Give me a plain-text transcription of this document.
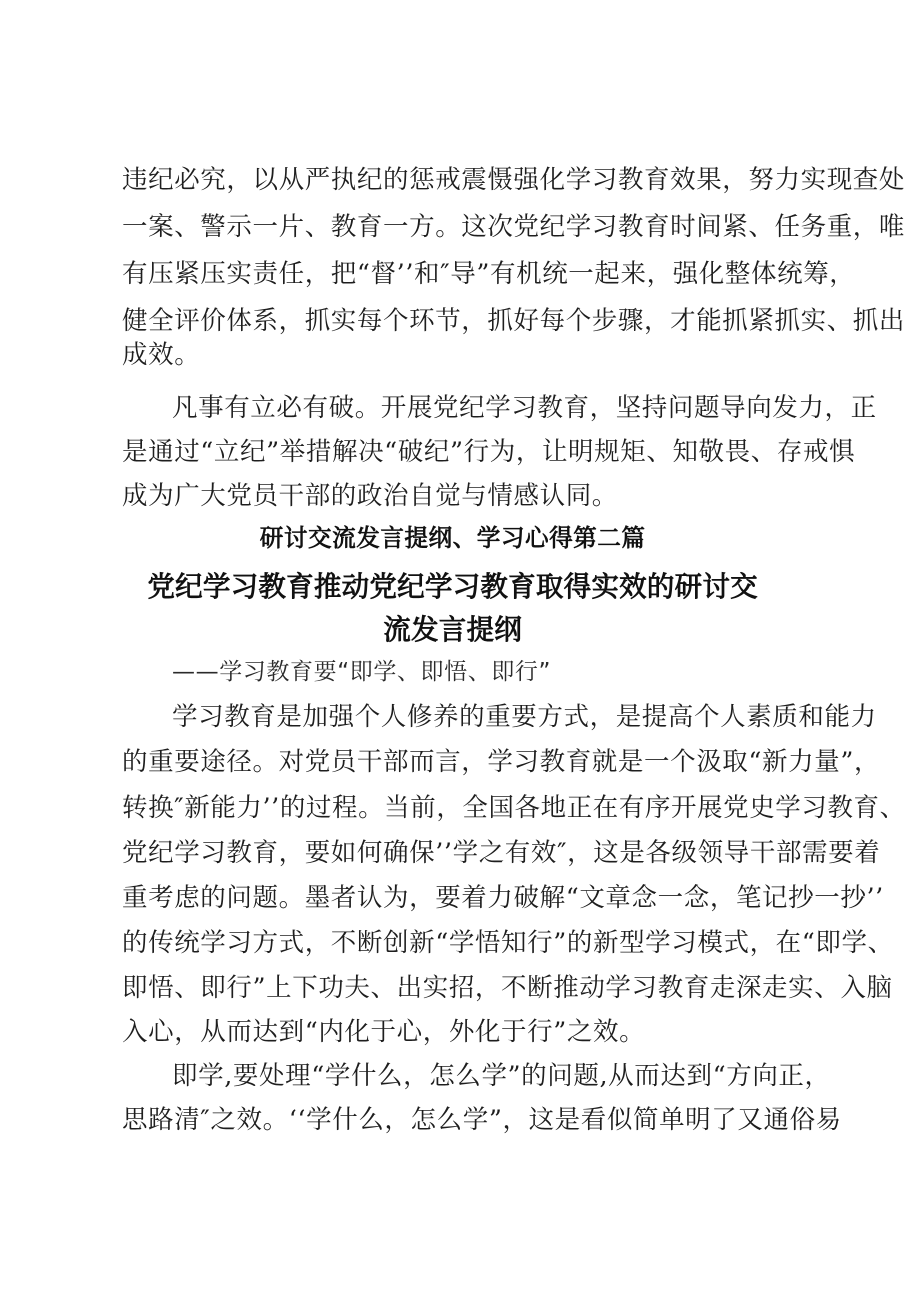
违纪必究，以从严执纪的惩戒震慑强化学习教育效果，努力实现查处
一案、警示一片、教育一方。这次党纪学习教育时间紧、任务重，唯
有压紧压实责任，把“督’’和″导”有机统一起来，强化整体统筹，
健全评价体系，抓实每个环节，抓好每个步骤，才能抓紧抓实、抓出
成效。
凡事有立必有破。开展党纪学习教育，坚持问题导向发力，正
是通过“立纪”举措解决“破纪”行为，让明规矩、知敬畏、存戒惧
成为广大党员干部的政治自觉与情感认同。
研讨交流发言提纲、学习心得第二篇
党纪学习教育推动党纪学习教育取得实效的研讨交
流发言提纲
——学习教育要“即学、即悟、即行”
学习教育是加强个人修养的重要方式，是提高个人素质和能力
的重要途径。对党员干部而言，学习教育就是一个汲取“新力量”，
转换″新能力’’的过程。当前，全国各地正在有序开展党史学习教育、
党纪学习教育，要如何确保’’学之有效″，这是各级领导干部需要着
重考虑的问题。墨者认为，要着力破解“文章念一念，笔记抄一抄’’
的传统学习方式，不断创新“学悟知行”的新型学习模式，在“即学、
即悟、即行”上下功夫、出实招，不断推动学习教育走深走实、入脑
入心，从而达到“内化于心，外化于行”之效。
即学,要处理“学什么，怎么学”的问题,从而达到“方向正，
思路清″之效。‘‘学什么，怎么学”，这是看似简单明了又通俗易
